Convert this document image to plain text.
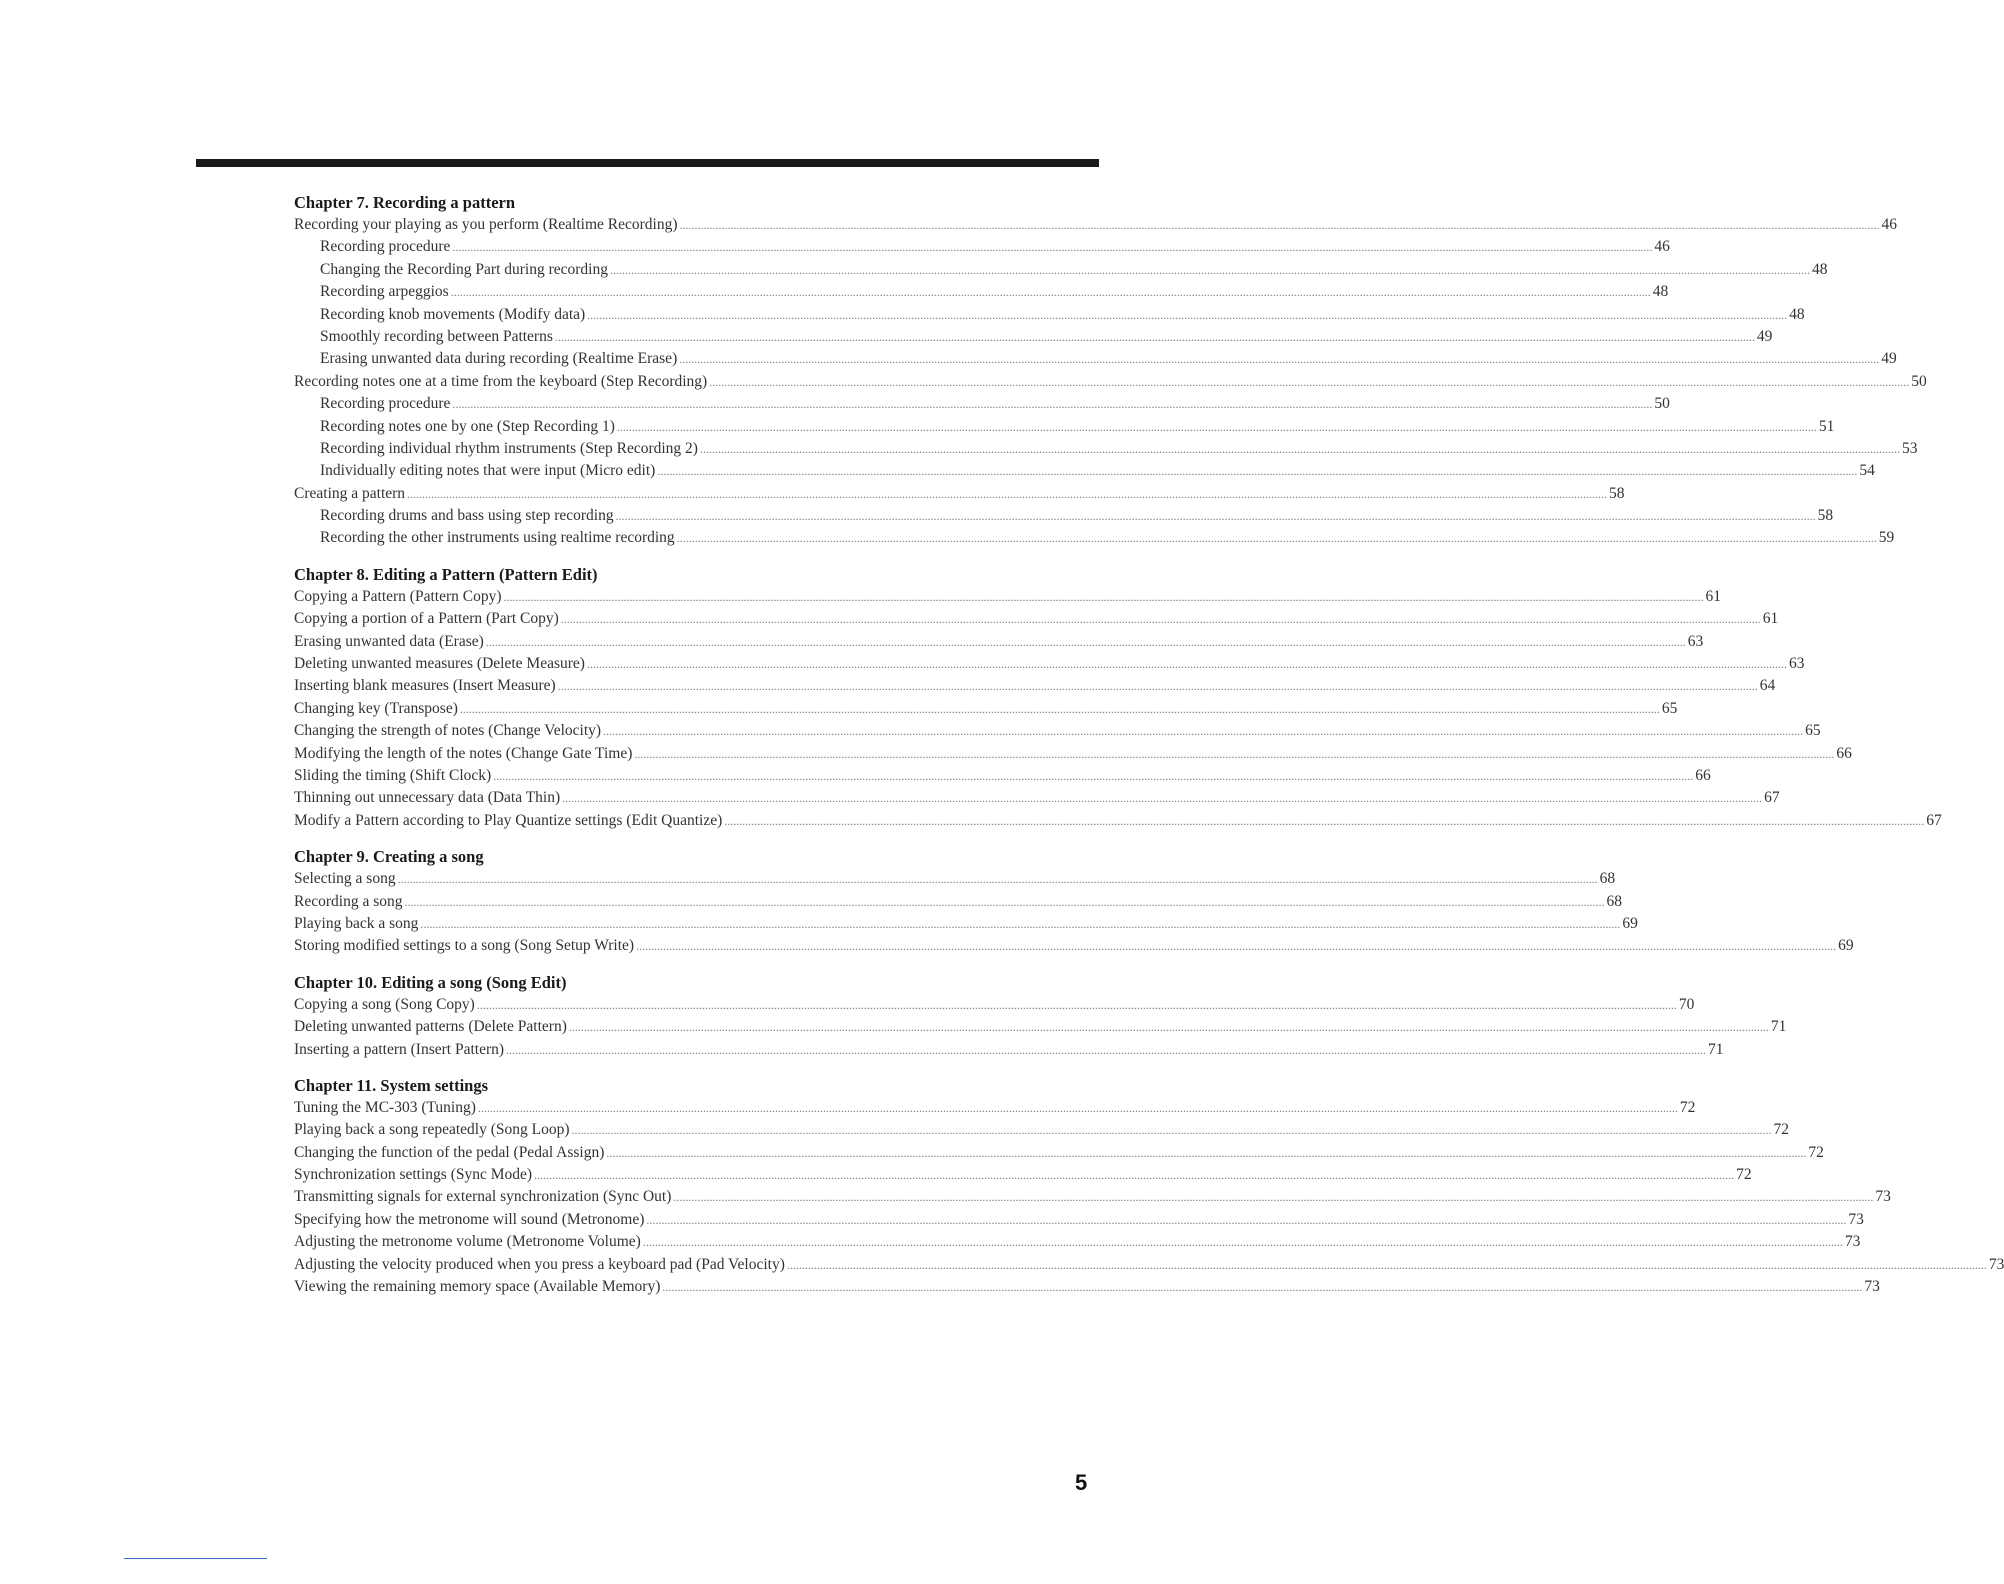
Chapter 7. Recording a pattern
Recording your playing as you perform (Realtime Recording) ................................................................................................................................................................................................................................................................................................................................................................................................................ 46
Recording procedure ................................................................................................................................................................................................................................................................................................................................................................................................................ 46
Changing the Recording Part during recording ................................................................................................................................................................................................................................................................................................................................................................................................................ 48
Recording arpeggios ................................................................................................................................................................................................................................................................................................................................................................................................................ 48
Recording knob movements (Modify data) ................................................................................................................................................................................................................................................................................................................................................................................................................ 48
Smoothly recording between Patterns ................................................................................................................................................................................................................................................................................................................................................................................................................ 49
Erasing unwanted data during recording (Realtime Erase) ................................................................................................................................................................................................................................................................................................................................................................................................................ 49
Recording notes one at a time from the keyboard (Step Recording) ................................................................................................................................................................................................................................................................................................................................................................................................................ 50
Recording procedure ................................................................................................................................................................................................................................................................................................................................................................................................................ 50
Recording notes one by one (Step Recording 1) ................................................................................................................................................................................................................................................................................................................................................................................................................ 51
Recording individual rhythm instruments (Step Recording 2) ................................................................................................................................................................................................................................................................................................................................................................................................................ 53
Individually editing notes that were input (Micro edit) ................................................................................................................................................................................................................................................................................................................................................................................................................ 54
Creating a pattern ................................................................................................................................................................................................................................................................................................................................................................................................................ 58
Recording drums and bass using step recording ................................................................................................................................................................................................................................................................................................................................................................................................................ 58
Recording the other instruments using realtime recording ................................................................................................................................................................................................................................................................................................................................................................................................................ 59
Chapter 8. Editing a Pattern (Pattern Edit)
Copying a Pattern (Pattern Copy) ................................................................................................................................................................................................................................................................................................................................................................................................................ 61
Copying a portion of a Pattern (Part Copy) ................................................................................................................................................................................................................................................................................................................................................................................................................ 61
Erasing unwanted data (Erase) ................................................................................................................................................................................................................................................................................................................................................................................................................ 63
Deleting unwanted measures (Delete Measure) ................................................................................................................................................................................................................................................................................................................................................................................................................ 63
Inserting blank measures (Insert Measure) ................................................................................................................................................................................................................................................................................................................................................................................................................ 64
Changing key (Transpose) ................................................................................................................................................................................................................................................................................................................................................................................................................ 65
Changing the strength of notes (Change Velocity) ................................................................................................................................................................................................................................................................................................................................................................................................................ 65
Modifying the length of the notes (Change Gate Time) ................................................................................................................................................................................................................................................................................................................................................................................................................ 66
Sliding the timing (Shift Clock) ................................................................................................................................................................................................................................................................................................................................................................................................................ 66
Thinning out unnecessary data (Data Thin) ................................................................................................................................................................................................................................................................................................................................................................................................................ 67
Modify a Pattern according to Play Quantize settings (Edit Quantize) ................................................................................................................................................................................................................................................................................................................................................................................................................ 67
Chapter 9. Creating a song
Selecting a song ................................................................................................................................................................................................................................................................................................................................................................................................................ 68
Recording a song ................................................................................................................................................................................................................................................................................................................................................................................................................ 68
Playing back a song ................................................................................................................................................................................................................................................................................................................................................................................................................ 69
Storing modified settings to a song (Song Setup Write) ................................................................................................................................................................................................................................................................................................................................................................................................................ 69
Chapter 10. Editing a song (Song Edit)
Copying a song (Song Copy) ................................................................................................................................................................................................................................................................................................................................................................................................................ 70
Deleting unwanted patterns (Delete Pattern) ................................................................................................................................................................................................................................................................................................................................................................................................................ 71
Inserting a pattern (Insert Pattern) ................................................................................................................................................................................................................................................................................................................................................................................................................ 71
Chapter 11. System settings
Tuning the MC-303 (Tuning) ................................................................................................................................................................................................................................................................................................................................................................................................................ 72
Playing back a song repeatedly (Song Loop) ................................................................................................................................................................................................................................................................................................................................................................................................................ 72
Changing the function of the pedal (Pedal Assign) ................................................................................................................................................................................................................................................................................................................................................................................................................ 72
Synchronization settings (Sync Mode) ................................................................................................................................................................................................................................................................................................................................................................................................................ 72
Transmitting signals for external synchronization (Sync Out) ................................................................................................................................................................................................................................................................................................................................................................................................................ 73
Specifying how the metronome will sound (Metronome) ................................................................................................................................................................................................................................................................................................................................................................................................................ 73
Adjusting the metronome volume (Metronome Volume) ................................................................................................................................................................................................................................................................................................................................................................................................................ 73
Adjusting the velocity produced when you press a keyboard pad (Pad Velocity) ................................................................................................................................................................................................................................................................................................................................................................................................................ 73
Viewing the remaining memory space (Available Memory) ................................................................................................................................................................................................................................................................................................................................................................................................................ 73
5
